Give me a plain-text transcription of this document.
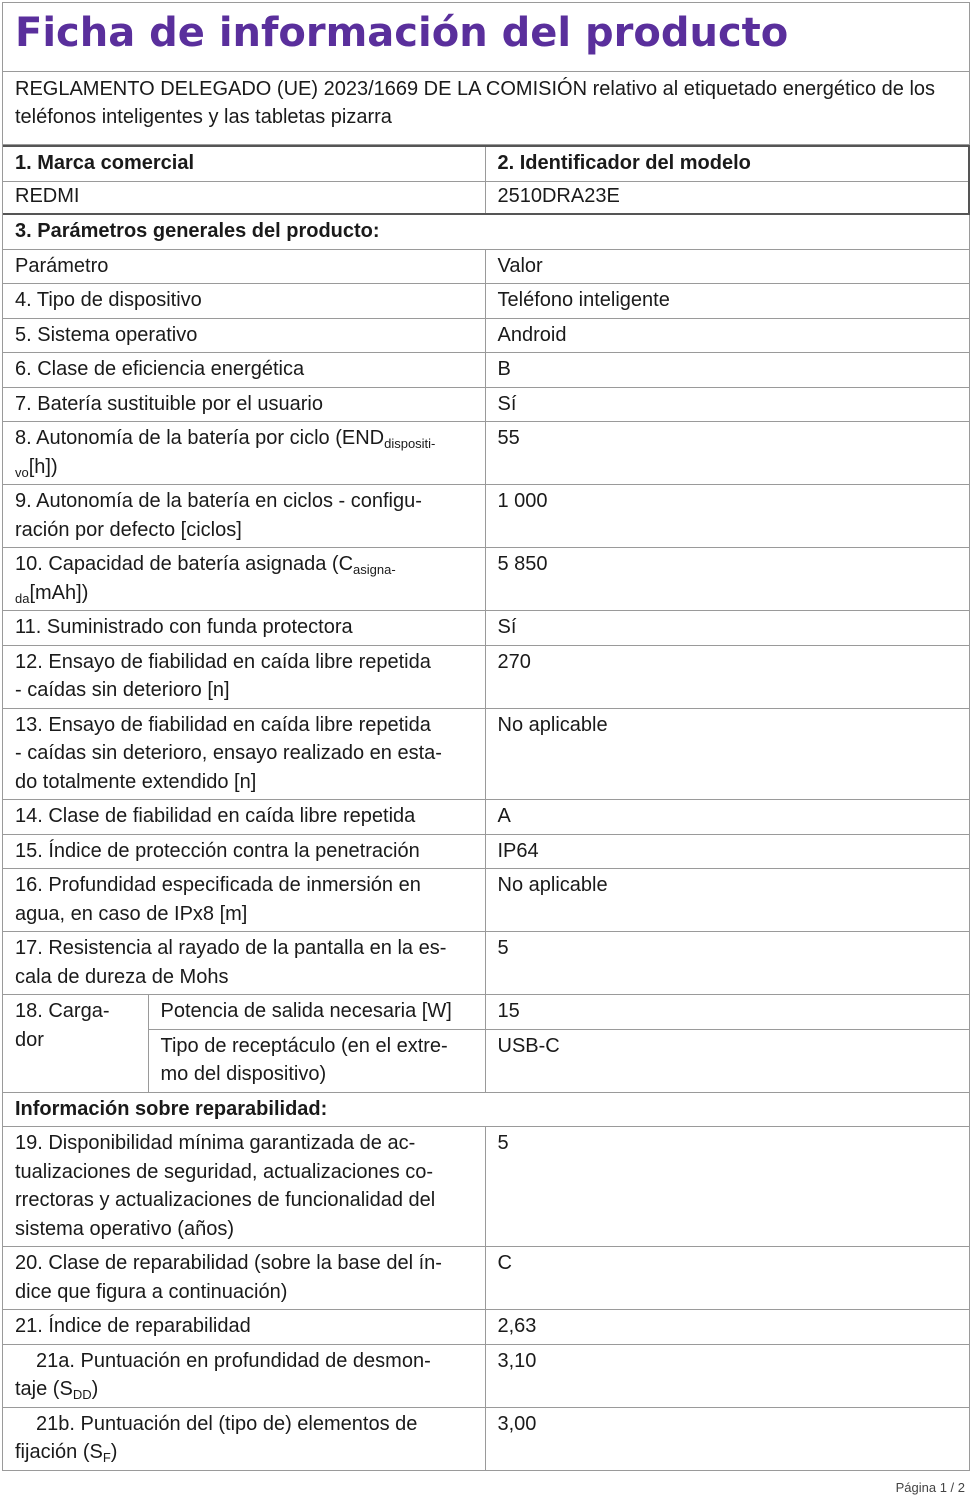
Ficha de información del producto
REGLAMENTO DELEGADO (UE) 2023/1669 DE LA COMISIÓN relativo al etiquetado energético de los teléfonos inteligentes y las tabletas pizarra
1. Marca comercial		2. Identificador del modelo
REDMI		2510DRA23E
3. Parámetros generales del producto:		
Parámetro		Valor
4. Tipo de dispositivo		Teléfono inteligente
5. Sistema operativo		Android
6. Clase de eficiencia energética		B
7. Batería sustituible por el usuario		Sí
8. Autonomía de la batería por ciclo ($END_{dispositi-}$
$_{vo}$[h])		55
9. Autonomía de la batería en ciclos - configu-
ración por defecto [ciclos]		1 000
10. Capacidad de batería asignada ($C_{asigna-}$
$_{da}$[mAh])		5 850
11. Suministrado con funda protectora		Sí
12. Ensayo de fiabilidad en caída libre repetida
- caídas sin deterioro [n]		270
13. Ensayo de fiabilidad en caída libre repetida
- caídas sin deterioro, ensayo realizado en esta-
do totalmente extendido [n]		No aplicable
14. Clase de fiabilidad en caída libre repetida		A
15. Índice de protección contra la penetración		IP64
16. Profundidad especificada de inmersión en
agua, en caso de IPx8 [m]		No aplicable
17. Resistencia al rayado de la pantalla en la es-
cala de dureza de Mohs		5
18. Carga-
dor	Potencia de salida necesaria [W]	15
	Tipo de receptáculo (en el extre-
mo del dispositivo)	USB-C
Información sobre reparabilidad:		
19. Disponibilidad mínima garantizada de ac-
tualizaciones de seguridad, actualizaciones co-
rrectoras y actualizaciones de funcionalidad del
sistema operativo (años)		5
20. Clase de reparabilidad (sobre la base del ín-
dice que figura a continuación)		C
21. Índice de reparabilidad		2,63
21a. Puntuación en profundidad de desmon-
taje $(S_{DD})$		3,10
21b. Puntuación del (tipo de) elementos de
fijación $(S_F)$		3,00
Página 1 / 2
